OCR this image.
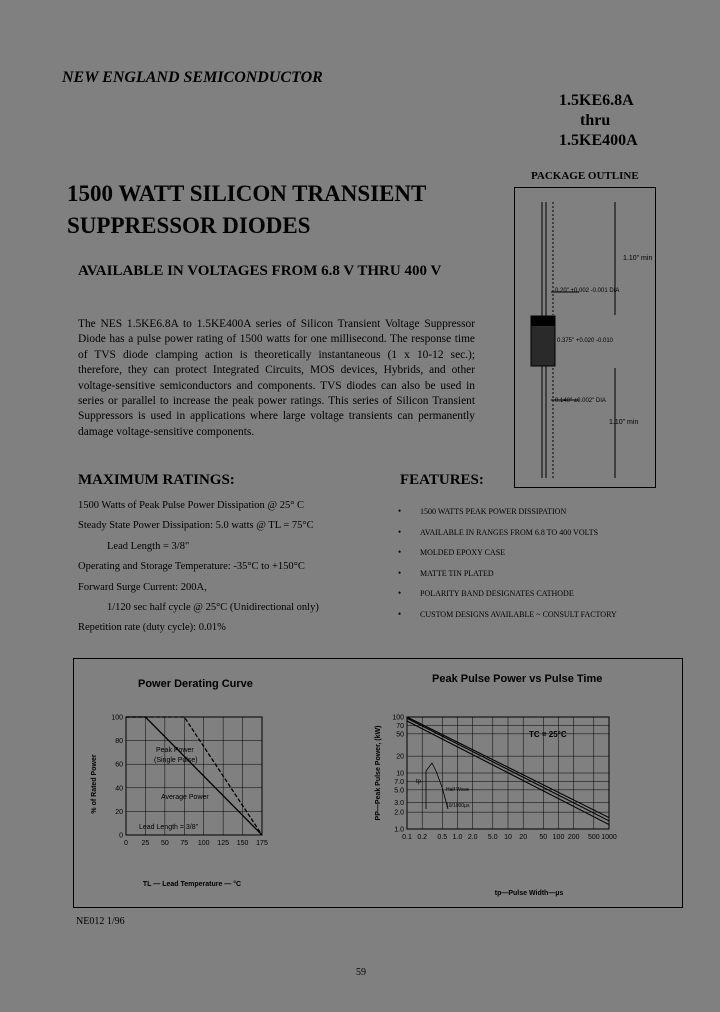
NEW ENGLAND SEMICONDUCTOR
1.5KE6.8A
thru
1.5KE400A
PACKAGE OUTLINE
1.10" min
0.20" +0.002 -0.001 DIA
0.375" +0.020 -0.010
0.140" ±0.002" DIA
1.10" min
1500 WATT SILICON TRANSIENT
SUPPRESSOR DIODES
AVAILABLE IN VOLTAGES FROM 6.8 V THRU 400 V
The NES 1.5KE6.8A to 1.5KE400A series of Silicon Transient Voltage Suppressor Diode has a pulse power rating of 1500 watts for one millisecond. The response time of TVS diode clamping action is theoretically instantaneous (1 x 10-12 sec.); therefore, they can protect Integrated Circuits, MOS devices, Hybrids, and other voltage-sensitive semiconductors and components. TVS diodes can also be used in series or parallel to increase the peak power ratings. This series of Silicon Transient Suppressors is used in applications where large voltage transients can permanently damage voltage-sensitive components.
MAXIMUM RATINGS:
1500 Watts of Peak Pulse Power Dissipation @ 25° C
Steady State Power Dissipation: 5.0 watts @ TL = 75°C
Lead Length = 3/8"
Operating and Storage Temperature: -35°C to +150°C
Forward Surge Current: 200A,
1/120 sec half cycle @ 25°C (Unidirectional only)
Repetition rate (duty cycle): 0.01%
FEATURES:
• 1500 WATTS PEAK POWER DISSIPATION
• AVAILABLE IN RANGES FROM 6.8 TO 400 VOLTS
• MOLDED EPOXY CASE
• MATTE TIN PLATED
• POLARITY BAND DESIGNATES CATHODE
• CUSTOM DESIGNS AVAILABLE ~ CONSULT FACTORY
Power Derating Curve	Peak Pulse Power vs Pulse Time
0 25 50 75 100 125 150 175
0
20
40
60
80
100
% of Rated Power
TL — Lead Temperature — °C
Peak Power
(Single Pulse)
Average Power
Lead Length = 3/8"
0.1 0.2 0.5 1.0 2.0 5.0 10 20 50 100 200 500 1000
100
70
50
20
10
7.0
5.0
3.0
2.0
1.0
PP—Peak Pulse Power, (kW)
tp—Pulse Width—µs
TC = 25°C
tp
Half Wave
10/1000µs
NE012 1/96
59
